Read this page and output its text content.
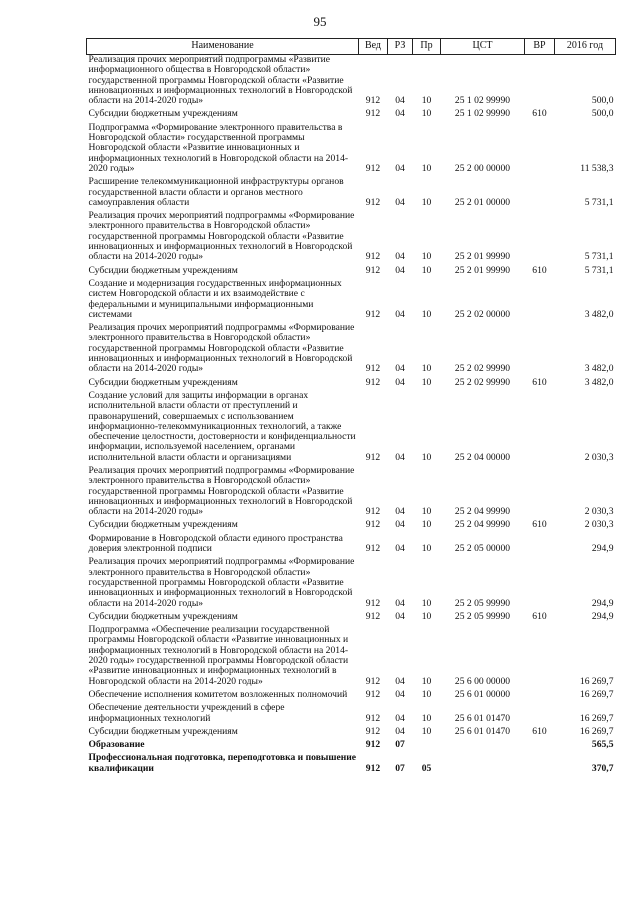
95
Наименование	Вед	РЗ	Пр	ЦСТ	ВР	2016 год
Реализация прочих мероприятий подпрограммы «Развитие информационного общества в Новгородской области» государственной программы Новгородской области «Развитие инновационных и информационных технологий в Новгородской области на 2014-2020 годы»	912	04	10	25 1 02 99990		500,0
Субсидии бюджетным учреждениям	912	04	10	25 1 02 99990	610	500,0
Подпрограмма «Формирование электронного правительства в Новгородской области» государственной программы Новгородской области «Развитие инновационных и информационных технологий в Новгородской области на 2014-2020 годы»	912	04	10	25 2 00 00000		11 538,3
Расширение телекоммуникационной инфраструктуры органов государственной власти области и органов местного самоуправления области	912	04	10	25 2 01 00000		5 731,1
Реализация прочих мероприятий подпрограммы «Формирование электронного правительства в Новгородской области» государственной программы Новгородской области «Развитие инновационных и информационных технологий в Новгородской области на 2014-2020 годы»	912	04	10	25 2 01 99990		5 731,1
Субсидии бюджетным учреждениям	912	04	10	25 2 01 99990	610	5 731,1
Создание и модернизация государственных информационных систем Новгородской области и их взаимодействие с федеральными и муниципальными информационными системами	912	04	10	25 2 02 00000		3 482,0
Реализация прочих мероприятий подпрограммы «Формирование электронного правительства в Новгородской области» государственной программы Новгородской области «Развитие инновационных и информационных технологий в Новгородской области на 2014-2020 годы»	912	04	10	25 2 02 99990		3 482,0
Субсидии бюджетным учреждениям	912	04	10	25 2 02 99990	610	3 482,0
Создание условий для защиты информации в органах исполнительной власти области от преступлений и правонарушений, совершаемых с использованием информационно-телекоммуникационных технологий, а также обеспечение целостности, достоверности и конфиденциальности информации, используемой населением, органами исполнительной власти области и организациями	912	04	10	25 2 04 00000		2 030,3
Реализация прочих мероприятий подпрограммы «Формирование электронного правительства в Новгородской области» государственной программы Новгородской области «Развитие инновационных и информационных технологий в Новгородской области на 2014-2020 годы»	912	04	10	25 2 04 99990		2 030,3
Субсидии бюджетным учреждениям	912	04	10	25 2 04 99990	610	2 030,3
Формирование в Новгородской области единого пространства доверия электронной подписи	912	04	10	25 2 05 00000		294,9
Реализация прочих мероприятий подпрограммы «Формирование электронного правительства в Новгородской области» государственной программы Новгородской области «Развитие инновационных и информационных технологий в Новгородской области на 2014-2020 годы»	912	04	10	25 2 05 99990		294,9
Субсидии бюджетным учреждениям	912	04	10	25 2 05 99990	610	294,9
Подпрограмма «Обеспечение реализации государственной программы Новгородской области «Развитие инновационных и информационных технологий в Новгородской области на 2014-2020 годы» государственной программы Новгородской области «Развитие инновационных и информационных технологий в Новгородской области на 2014-2020 годы»	912	04	10	25 6 00 00000		16 269,7
Обеспечение исполнения комитетом возложенных полномочий	912	04	10	25 6 01 00000		16 269,7
Обеспечение деятельности учреждений в сфере информационных технологий	912	04	10	25 6 01 01470		16 269,7
Субсидии бюджетным учреждениям	912	04	10	25 6 01 01470	610	16 269,7
Образование	912	07				565,5
Профессиональная подготовка, переподготовка и повышение квалификации	912	07	05			370,7
